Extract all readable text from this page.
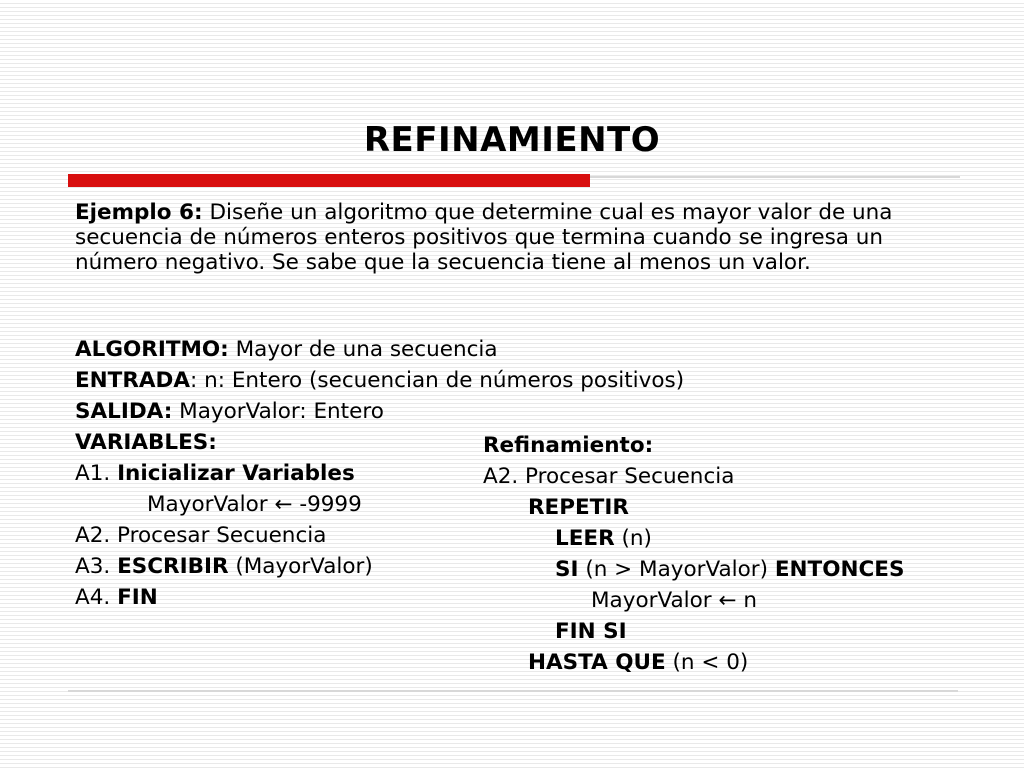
REFINAMIENTO
Ejemplo 6: Diseñe un algoritmo que determine cual es mayor valor de una secuencia de números enteros positivos que termina cuando se ingresa un número negativo. Se sabe que la secuencia tiene al menos un valor.
ALGORITMO: Mayor de una secuencia
ENTRADA: n: Entero (secuencian de números positivos)
SALIDA: MayorValor: Entero
VARIABLES:
A1. Inicializar Variables
MayorValor ← -9999
A2. Procesar Secuencia
A3. ESCRIBIR (MayorValor)
A4. FIN
Refinamiento:
A2. Procesar Secuencia
REPETIR
LEER (n)
SI (n > MayorValor) ENTONCES
MayorValor ← n
FIN SI
HASTA QUE (n < 0)
